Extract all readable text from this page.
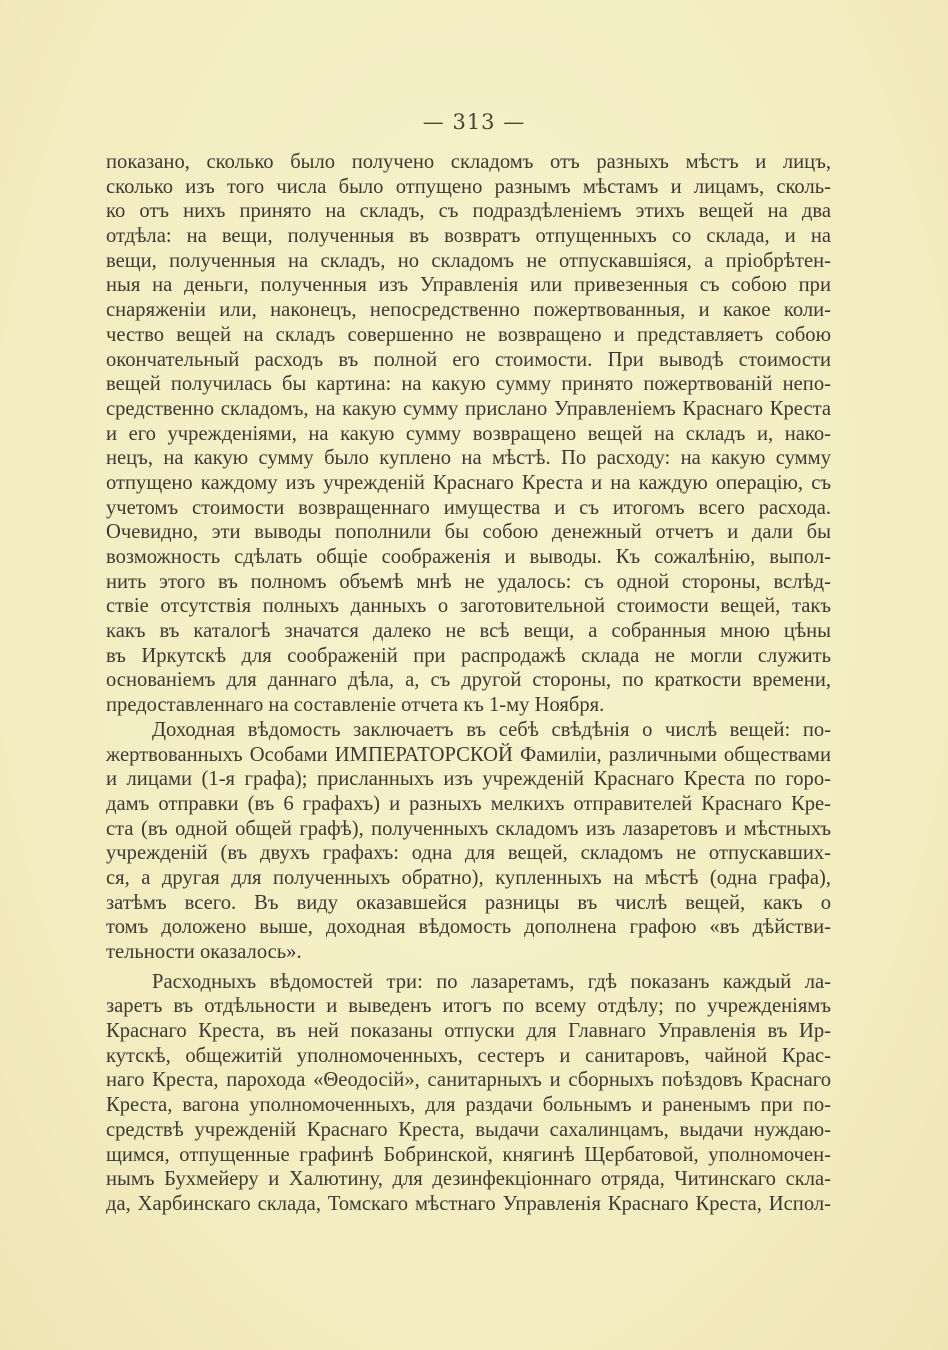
— 313 —
показано, сколько было получено складомъ отъ разныхъ мѣстъ и лицъ,
сколько изъ того числа было отпущено разнымъ мѣстамъ и лицамъ, сколь-
ко отъ нихъ принято на складъ, съ подраздѣленіемъ этихъ вещей на два
отдѣла: на вещи, полученныя въ возвратъ отпущенныхъ со склада, и на
вещи, полученныя на складъ, но складомъ не отпускавшіяся, а пріобрѣтен-
ныя на деньги, полученныя изъ Управленія или привезенныя съ собою при
снаряженіи или, наконецъ, непосредственно пожертвованныя, и какое коли-
чество вещей на складъ совершенно не возвращено и представляетъ собою
окончательный расходъ въ полной его стоимости. При выводѣ стоимости
вещей получилась бы картина: на какую сумму принято пожертвованій непо-
средственно складомъ, на какую сумму прислано Управленіемъ Краснаго Креста
и его учрежденіями, на какую сумму возвращено вещей на складъ и, нако-
нецъ, на какую сумму было куплено на мѣстѣ. По расходу: на какую сумму
отпущено каждому изъ учрежденій Краснаго Креста и на каждую операцію, съ
учетомъ стоимости возвращеннаго имущества и съ итогомъ всего расхода.
Очевидно, эти выводы пополнили бы собою денежный отчетъ и дали бы
возможность сдѣлать общіе соображенія и выводы. Къ сожалѣнію, выпол-
нить этого въ полномъ объемѣ мнѣ не удалось: съ одной стороны, вслѣд-
ствіе отсутствія полныхъ данныхъ о заготовительной стоимости вещей, такъ
какъ въ каталогѣ значатся далеко не всѣ вещи, а собранныя мною цѣны
въ Иркутскѣ для соображеній при распродажѣ склада не могли служить
основаніемъ для даннаго дѣла, а, съ другой стороны, по краткости времени,
предоставленнаго на составленіе отчета къ 1-му Ноября.
Доходная вѣдомость заключаетъ въ себѣ свѣдѣнія о числѣ вещей: по-
жертвованныхъ Особами ИМПЕРАТОРСКОЙ Фамиліи, различными обществами
и лицами (1-я графа); присланныхъ изъ учрежденій Краснаго Креста по горо-
дамъ отправки (въ 6 графахъ) и разныхъ мелкихъ отправителей Краснаго Кре-
ста (въ одной общей графѣ), полученныхъ складомъ изъ лазаретовъ и мѣстныхъ
учрежденій (въ двухъ графахъ: одна для вещей, складомъ не отпускавших-
ся, а другая для полученныхъ обратно), купленныхъ на мѣстѣ (одна графа),
затѣмъ всего. Въ виду оказавшейся разницы въ числѣ вещей, какъ о
томъ доложено выше, доходная вѣдомость дополнена графою «въ дѣйстви-
тельности оказалось».
Расходныхъ вѣдомостей три: по лазаретамъ, гдѣ показанъ каждый ла-
заретъ въ отдѣльности и выведенъ итогъ по всему отдѣлу; по учрежденіямъ
Краснаго Креста, въ ней показаны отпуски для Главнаго Управленія въ Ир-
кутскѣ, общежитій уполномоченныхъ, сестеръ и санитаровъ, чайной Крас-
наго Креста, парохода «Θеодосій», санитарныхъ и сборныхъ поѣздовъ Краснаго
Креста, вагона уполномоченныхъ, для раздачи больнымъ и раненымъ при по-
средствѣ учрежденій Краснаго Креста, выдачи сахалинцамъ, выдачи нуждаю-
щимся, отпущенные графинѣ Бобринской, княгинѣ Щербатовой, уполномочен-
нымъ Бухмейеру и Халютину, для дезинфекціоннаго отряда, Читинскаго скла-
да, Харбинскаго склада, Томскаго мѣстнаго Управленія Краснаго Креста, Испол-
